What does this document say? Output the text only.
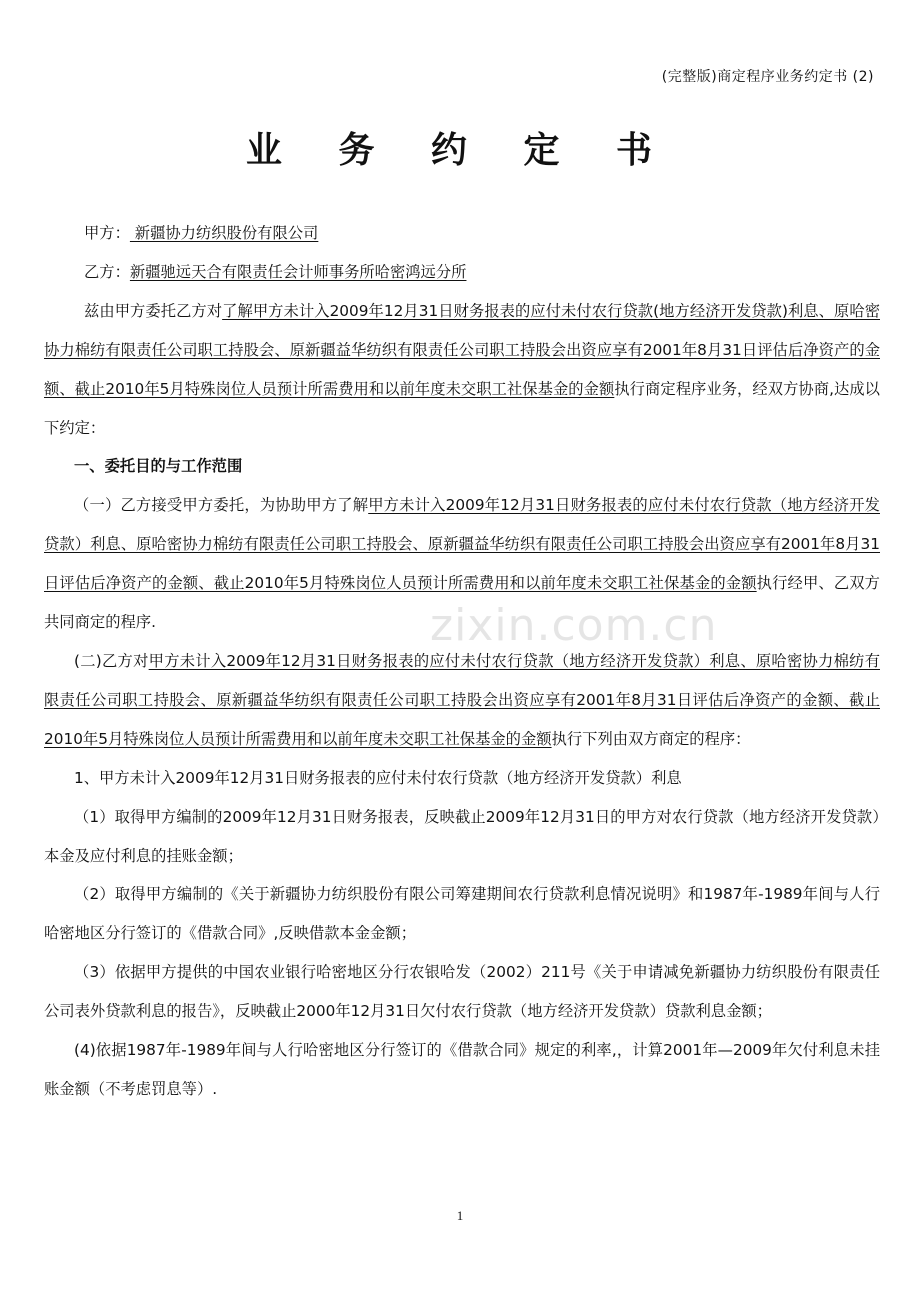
(完整版)商定程序业务约定书 (2)
业 务 约 定 书

甲方： 新疆协力纺织股份有限公司

乙方：新疆驰远天合有限责任会计师事务所哈密鸿远分所

兹由甲方委托乙方对了解甲方未计入2009年12月31日财务报表的应付未付农行贷款(地方经济开发贷款)利息、原哈密协力棉纺有限责任公司职工持股会、原新疆益华纺织有限责任公司职工持股会出资应享有2001年8月31日评估后净资产的金额、截止2010年5月特殊岗位人员预计所需费用和以前年度未交职工社保基金的金额执行商定程序业务，经双方协商,达成以下约定：

一、委托目的与工作范围

（一）乙方接受甲方委托，为协助甲方了解甲方未计入2009年12月31日财务报表的应付未付农行贷款（地方经济开发贷款）利息、原哈密协力棉纺有限责任公司职工持股会、原新疆益华纺织有限责任公司职工持股会出资应享有2001年8月31日评估后净资产的金额、截止2010年5月特殊岗位人员预计所需费用和以前年度未交职工社保基金的金额执行经甲、乙双方共同商定的程序.

(二)乙方对甲方未计入2009年12月31日财务报表的应付未付农行贷款（地方经济开发贷款）利息、原哈密协力棉纺有限责任公司职工持股会、原新疆益华纺织有限责任公司职工持股会出资应享有2001年8月31日评估后净资产的金额、截止2010年5月特殊岗位人员预计所需费用和以前年度未交职工社保基金的金额执行下列由双方商定的程序：

1、甲方未计入2009年12月31日财务报表的应付未付农行贷款（地方经济开发贷款）利息

（1）取得甲方编制的2009年12月31日财务报表，反映截止2009年12月31日的甲方对农行贷款（地方经济开发贷款）本金及应付利息的挂账金额；

（2）取得甲方编制的《关于新疆协力纺织股份有限公司筹建期间农行贷款利息情况说明》和1987年-1989年间与人行哈密地区分行签订的《借款合同》,反映借款本金金额；

（3）依据甲方提供的中国农业银行哈密地区分行农银哈发（2002）211号《关于申请减免新疆协力纺织股份有限责任公司表外贷款利息的报告》，反映截止2000年12月31日欠付农行贷款（地方经济开发贷款）贷款利息金额；

(4)依据1987年-1989年间与人行哈密地区分行签订的《借款合同》规定的利率,，计算2001年—2009年欠付利息未挂账金额（不考虑罚息等）.

zixin.com.cn
1
